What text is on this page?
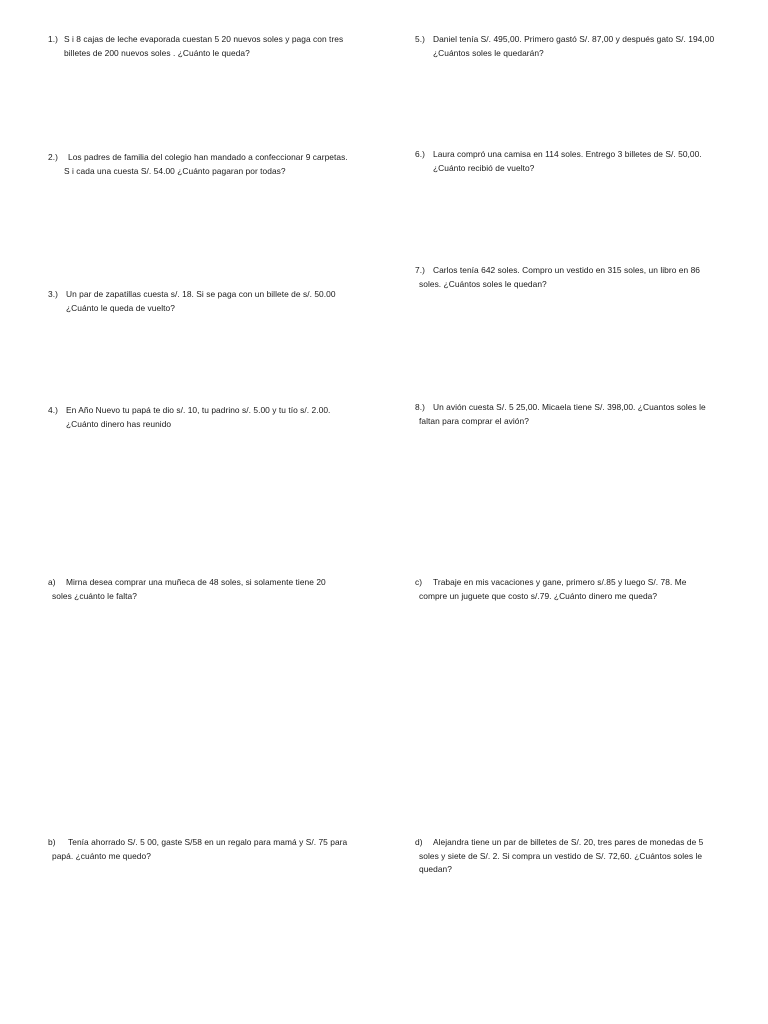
1.) S i 8 cajas de leche evaporada cuestan 5 20 nuevos soles y paga con tres
billetes de 200 nuevos soles . ¿Cuánto le queda?
2.)	Los padres de familia del colegio han mandado a confeccionar 9 carpetas.
S i cada una cuesta S/. 54.00 ¿Cuánto pagaran por todas?
3.) Un par de zapatillas cuesta s/. 18. Si se paga con un billete de s/. 50.00
¿Cuánto le queda de vuelto?
4.) En Año Nuevo tu papá te dio s/. 10, tu padrino s/. 5.00 y tu tío s/. 2.00.
¿Cuánto dinero has reunido
a)	Mirna desea comprar una muñeca de 48 soles, si solamente tiene 20
soles ¿cuánto le falta?
b)	Tenía ahorrado S/. 5 00, gaste S/58 en un regalo para mamá y S/. 75 para
papá. ¿cuánto me quedo?
5.) Daniel tenía S/. 495,00. Primero gastó S/. 87,00 y después gato S/. 194,00
¿Cuántos soles le quedarán?
6.) Laura compró una camisa en 114 soles. Entrego 3 billetes de S/. 50,00.
¿Cuánto recibió de vuelto?
7.) Carlos tenía 642 soles. Compro un vestido en 315 soles, un libro en 86
soles. ¿Cuántos soles le quedan?
8.) Un avión cuesta S/. 5 25,00. Micaela tiene S/. 398,00. ¿Cuantos soles le
faltan para comprar el avión?
c)	Trabaje en mis vacaciones y gane, primero s/.85 y luego S/. 78. Me
compre un juguete que costo s/.79. ¿Cuánto dinero me queda?
d)	Alejandra tiene un par de billetes de S/. 20, tres pares de monedas de 5
soles y siete de S/. 2. Si compra un vestido de S/. 72,60. ¿Cuántos soles le
quedan?
